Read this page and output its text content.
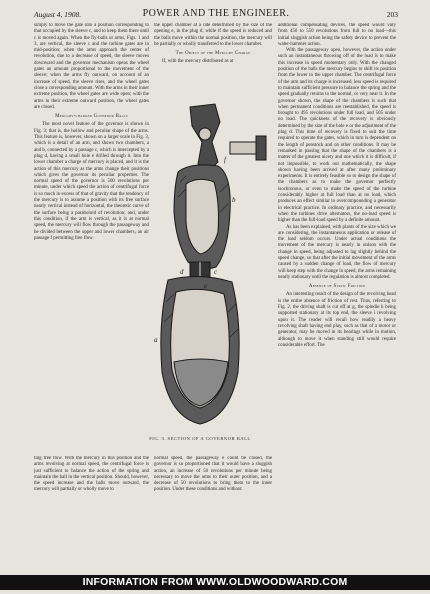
August 4, 1908.	POWER AND THE ENGINEER.	203

simply to move the gate into a position corresponding to that occupied by the sleeve c, and to keep them there until c is moved again. When the fly-balls or arms, Figs. 1 and 3, are vertical, the sleeve c and the turbine gates are in mid-position; when the arms approach the center of revolution, due to a decrease of speed, the sleeve moves downward and the governor mechanism opens the wheel gates an amount proportional to the movement of the sleeve; when the arms fly outward, on account of an increase of speed, the sleeve rises, and the wheel gates close a corresponding amount. With the arms in their inner extreme position, the wheel gates are wide open; with the arms in their extreme outward position, the wheel gates are closed.

Mercury-charged Governor Balls

The most novel feature of the governor is shown in Fig. 3; that is, the hollow and peculiar shape of the arms. This feature is, however, shown on a larger scale in Fig. 3, which is a detail of an arm, and shows two chambers, a and b, connected by a passage c, which is intercepted by a plug d, having a small hole e drilled through it. Into the lower chamber a charge of mercury is placed, and it is the action of this mercury as the arms change their positions which gives the governor its peculiar properties. The normal speed of the governor is 500 revolutions per minute, under which speed the action of centrifugal force is so much in excess of that of gravity that the tendency of the mercury is to assume a position with its free surface nearly vertical instead of horizontal, the theoretic curve of the surface being a paraboloid of revolution; and, under this condition, if the arm is vertical, as it is at normal speed, the mercury will flow through the passageway and be divided between the upper and lower chambers, an air passage f permitting free flow.

the upper chamber at a rate determined by the size of the opening e, in the plug d; while if the speed is reduced and the balls move within the normal position, the mercury will be partially or wholly transferred to the lower chamber.

The Object of the Mercury Charge

If, with the mercury distributed as at

a
b
c
d
e
f
FIG. 3. SECTION OF A GOVERNOR BALL

ting free flow. With the mercury in this position and the arms revolving at normal speed, the centrifugal force is just sufficient to balance the action of the spring and maintain the ball in the vertical position. Should, however, the speed increase and the balls move outward, the mercury will partially or wholly move to

normal speed, the passageway e could be closed, the governor is so proportioned that it would have a sluggish action, an increase of 50 revolutions per minute being necessary to move the arms to their outer position, and a decrease of 50 revolutions to bring them to the inner position. Under these conditions and without

additional compensating devices, the speed would vary from 450 to 550 revolutions from full to no load—this initial sluggish action being the safety device to prevent the water-hammer action.

With the passageway open, however, the action under such an instantaneous throwing off of the load is to make this increase in speed momentary only. With the changed position of the balls the mercury begins to shift its position from the lower to the upper chamber. The centrifugal force of the arm and its charge is increased, less speed is required to maintain sufficient pressure to balance the spring and the speed gradually returns to the normal, or very near it. In the governor shown, the shape of the chambers is such that when permanent conditions are reestablished, the speed is brought to 495 revolutions under full load, and 505 under no load. The quickness of the recovery is obviously determined by the size of the hole e or the adjustment of the plug d. This time of recovery is fixed to suit the time required to operate the gates, which in turn is dependent on the length of penstock and on other conditions. It may be remarked in passing that the shape of the chambers is a matter of the greatest nicety and one which it is difficult, if not impossible, to work out mathematically, the shape shown having been arrived at after many preliminary experiments. It is entirely feasible so to design the shape of the chambers as to make the governor perfectly isochronous, or even to make the speed of the turbine considerably higher at full load than at no load, which produces an effect similar to overcompounding a generator in electrical practice. In ordinary practice, and necessarily when the turbines drive alternators, the no-load speed is higher than the full-load speed by a definite amount.

As has been explained, with plants of the size which we are considering, the instantaneous application or release of the load seldom occurs. Under actual conditions the movement of the mercury is nearly in unison with the change in speed, being adjusted to lag slightly behind the speed change, so that after the initial movement of the arms caused by a sudden change of load, the flow of mercury will keep step with the change in speed, the arms remaining nearly stationary until the regulation is almost completed.

Absence of Static Friction

An interesting result of the design of the revolving head is the entire absence of friction of rest. Thus, referring to Fig. 2, the driving shaft is cut off at g, the spindle h being supported stationary at its top end, the sleeve i revolving upon it. The reader will recall how readily a heavy revolving shaft having end play, such as that of a motor or generator, may be moved in its bearings while in motion, although to move it when standing still would require considerable effort. The

INFORMATION FROM WWW.OLDWOODWARD.COM
